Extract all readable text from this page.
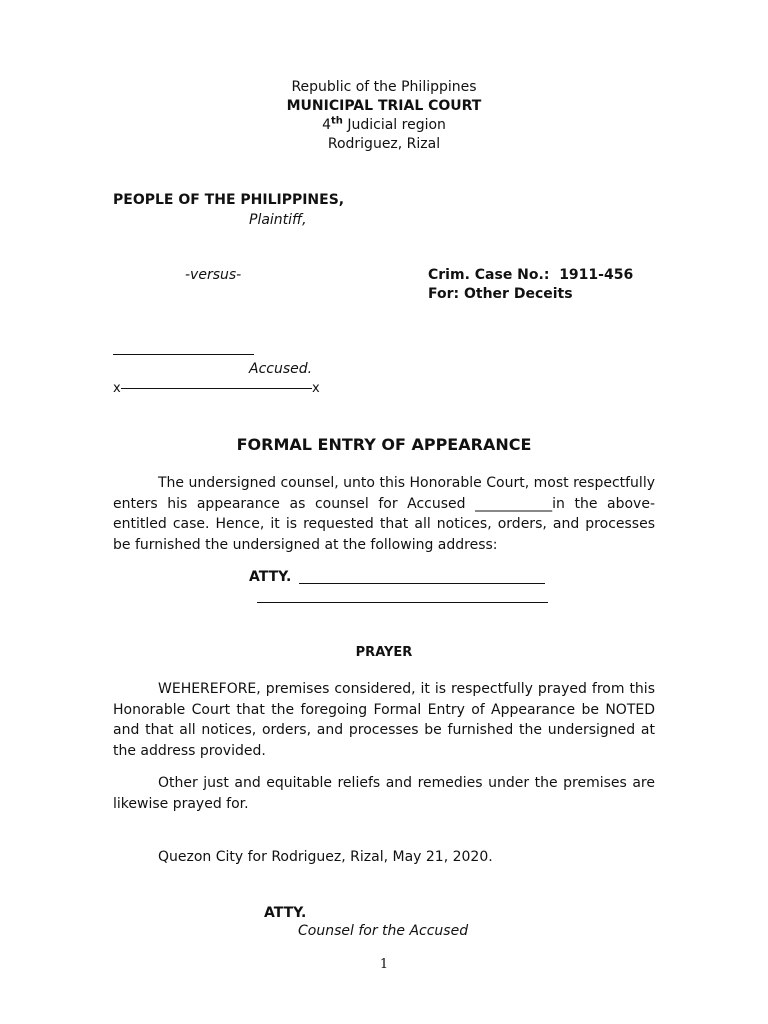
Republic of the Philippines
MUNICIPAL TRIAL COURT
4th Judicial region
Rodriguez, Rizal
PEOPLE OF THE PHILIPPINES,
Plaintiff,
-versus-	Crim. Case No.: 1911-456
For: Other Deceits
Accused.
x	x
FORMAL ENTRY OF APPEARANCE
The undersigned counsel, unto this Honorable Court, most respectfully enters his appearance as counsel for Accused ___________in the above-entitled case. Hence, it is requested that all notices, orders, and processes be furnished the undersigned at the following address:
ATTY.
PRAYER
WEHEREFORE, premises considered, it is respectfully prayed from this Honorable Court that the foregoing Formal Entry of Appearance be NOTED and that all notices, orders, and processes be furnished the undersigned at the address provided.
Other just and equitable reliefs and remedies under the premises are likewise prayed for.
Quezon City for Rodriguez, Rizal, May 21, 2020.
ATTY.
Counsel for the Accused
1
